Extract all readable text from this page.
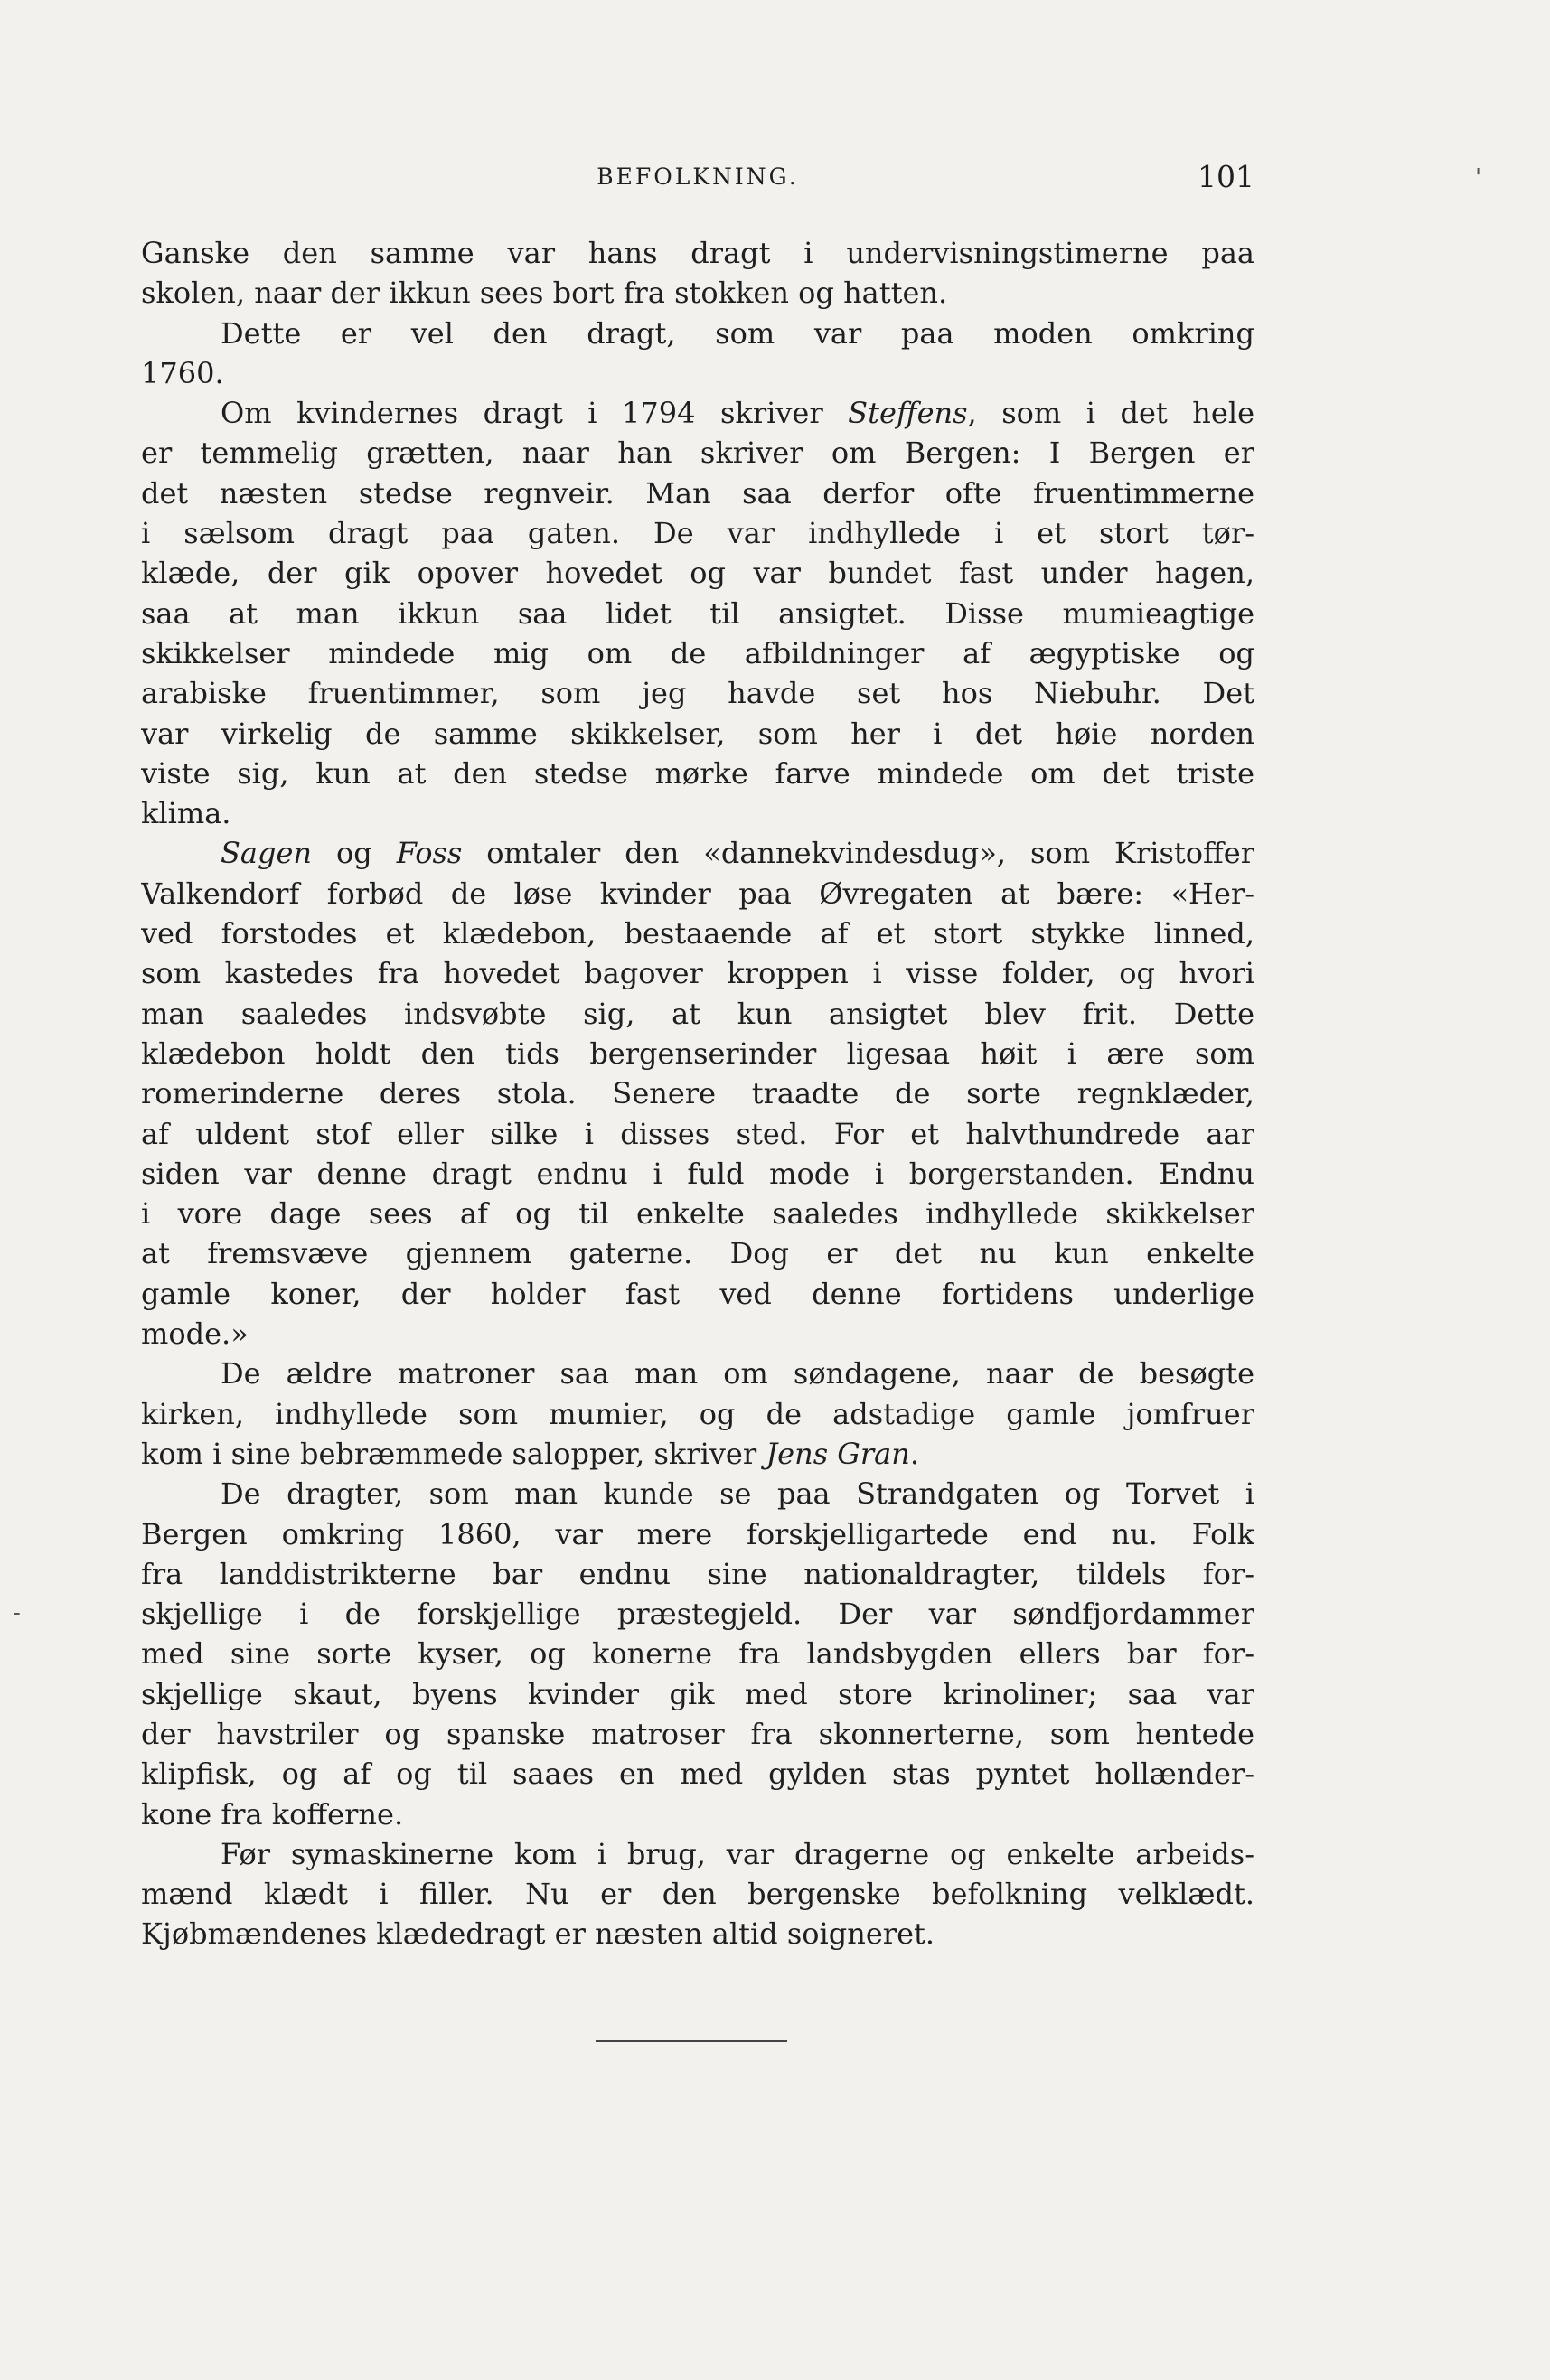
BEFOLKNING.	101	'
-
Ganske den samme var hans dragt i undervisningstimerne paa
skolen, naar der ikkun sees bort fra stokken og hatten.
Dette er vel den dragt, som var paa moden omkring
1760.
Om kvindernes dragt i 1794 skriver Steffens, som i det hele
er temmelig grætten, naar han skriver om Bergen: I Bergen er
det næsten stedse regnveir. Man saa derfor ofte fruentimmerne
i sælsom dragt paa gaten. De var indhyllede i et stort tør-
klæde, der gik opover hovedet og var bundet fast under hagen,
saa at man ikkun saa lidet til ansigtet. Disse mumieagtige
skikkelser mindede mig om de afbildninger af ægyptiske og
arabiske fruentimmer, som jeg havde set hos Niebuhr. Det
var virkelig de samme skikkelser, som her i det høie norden
viste sig, kun at den stedse mørke farve mindede om det triste
klima.
Sagen og Foss omtaler den «dannekvindesdug», som Kristoffer
Valkendorf forbød de løse kvinder paa Øvregaten at bære: «Her-
ved forstodes et klædebon, bestaaende af et stort stykke linned,
som kastedes fra hovedet bagover kroppen i visse folder, og hvori
man saaledes indsvøbte sig, at kun ansigtet blev frit. Dette
klædebon holdt den tids bergenserinder ligesaa høit i ære som
romerinderne deres stola. Senere traadte de sorte regnklæder,
af uldent stof eller silke i disses sted. For et halvthundrede aar
siden var denne dragt endnu i fuld mode i borgerstanden. Endnu
i vore dage sees af og til enkelte saaledes indhyllede skikkelser
at fremsvæve gjennem gaterne. Dog er det nu kun enkelte
gamle koner, der holder fast ved denne fortidens underlige
mode.»
De ældre matroner saa man om søndagene, naar de besøgte
kirken, indhyllede som mumier, og de adstadige gamle jomfruer
kom i sine bebræmmede salopper, skriver Jens Gran.
De dragter, som man kunde se paa Strandgaten og Torvet i
Bergen omkring 1860, var mere forskjelligartede end nu. Folk
fra landdistrikterne bar endnu sine nationaldragter, tildels for-
skjellige i de forskjellige præstegjeld. Der var søndfjordammer
med sine sorte kyser, og konerne fra landsbygden ellers bar for-
skjellige skaut, byens kvinder gik med store krinoliner; saa var
der havstriler og spanske matroser fra skonnerterne, som hentede
klipfisk, og af og til saaes en med gylden stas pyntet hollænder-
kone fra kofferne.
Før symaskinerne kom i brug, var dragerne og enkelte arbeids-
mænd klædt i filler. Nu er den bergenske befolkning velklædt.
Kjøbmændenes klædedragt er næsten altid soigneret.
